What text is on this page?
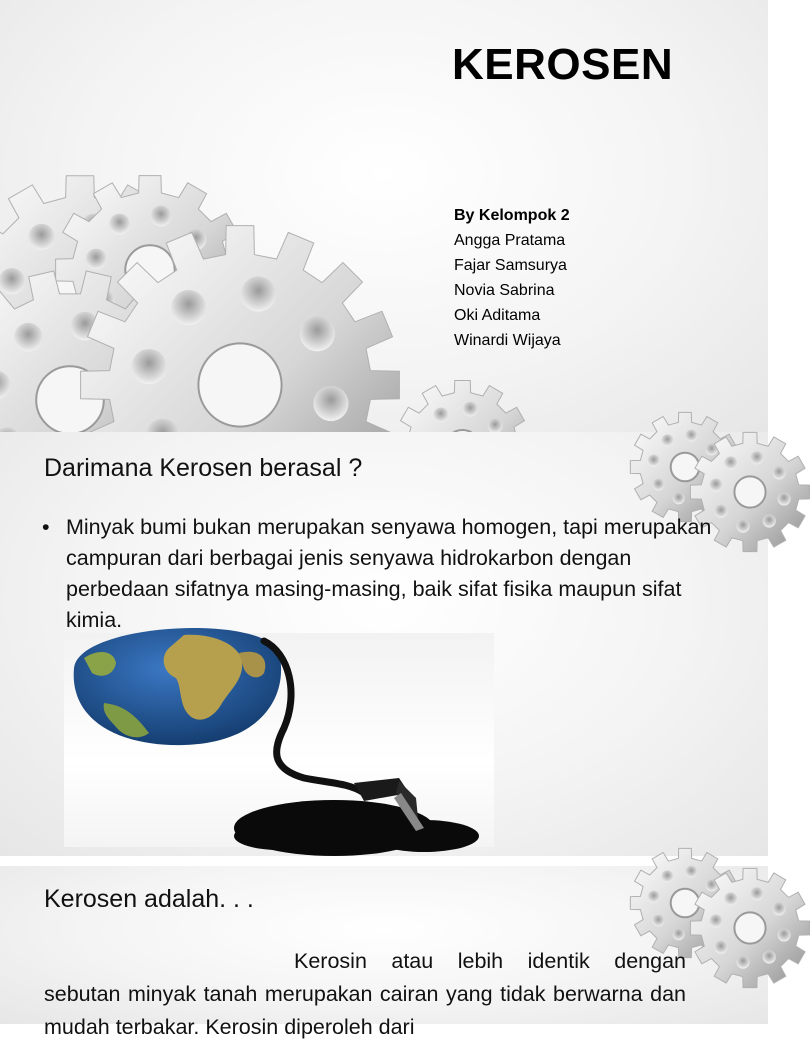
KEROSEN
By Kelompok 2
Angga Pratama
Fajar Samsurya
Novia Sabrina
Oki Aditama
Winardi Wijaya
Darimana Kerosen berasal ?
• Minyak bumi bukan merupakan senyawa homogen, tapi merupakan campuran dari berbagai jenis senyawa hidrokarbon dengan perbedaan sifatnya masing-masing, baik sifat fisika maupun sifat kimia.
Kerosen adalah. . .
Kerosin atau lebih identik dengan sebutan minyak tanah merupakan cairan yang tidak berwarna dan mudah terbakar. Kerosin diperoleh dari
